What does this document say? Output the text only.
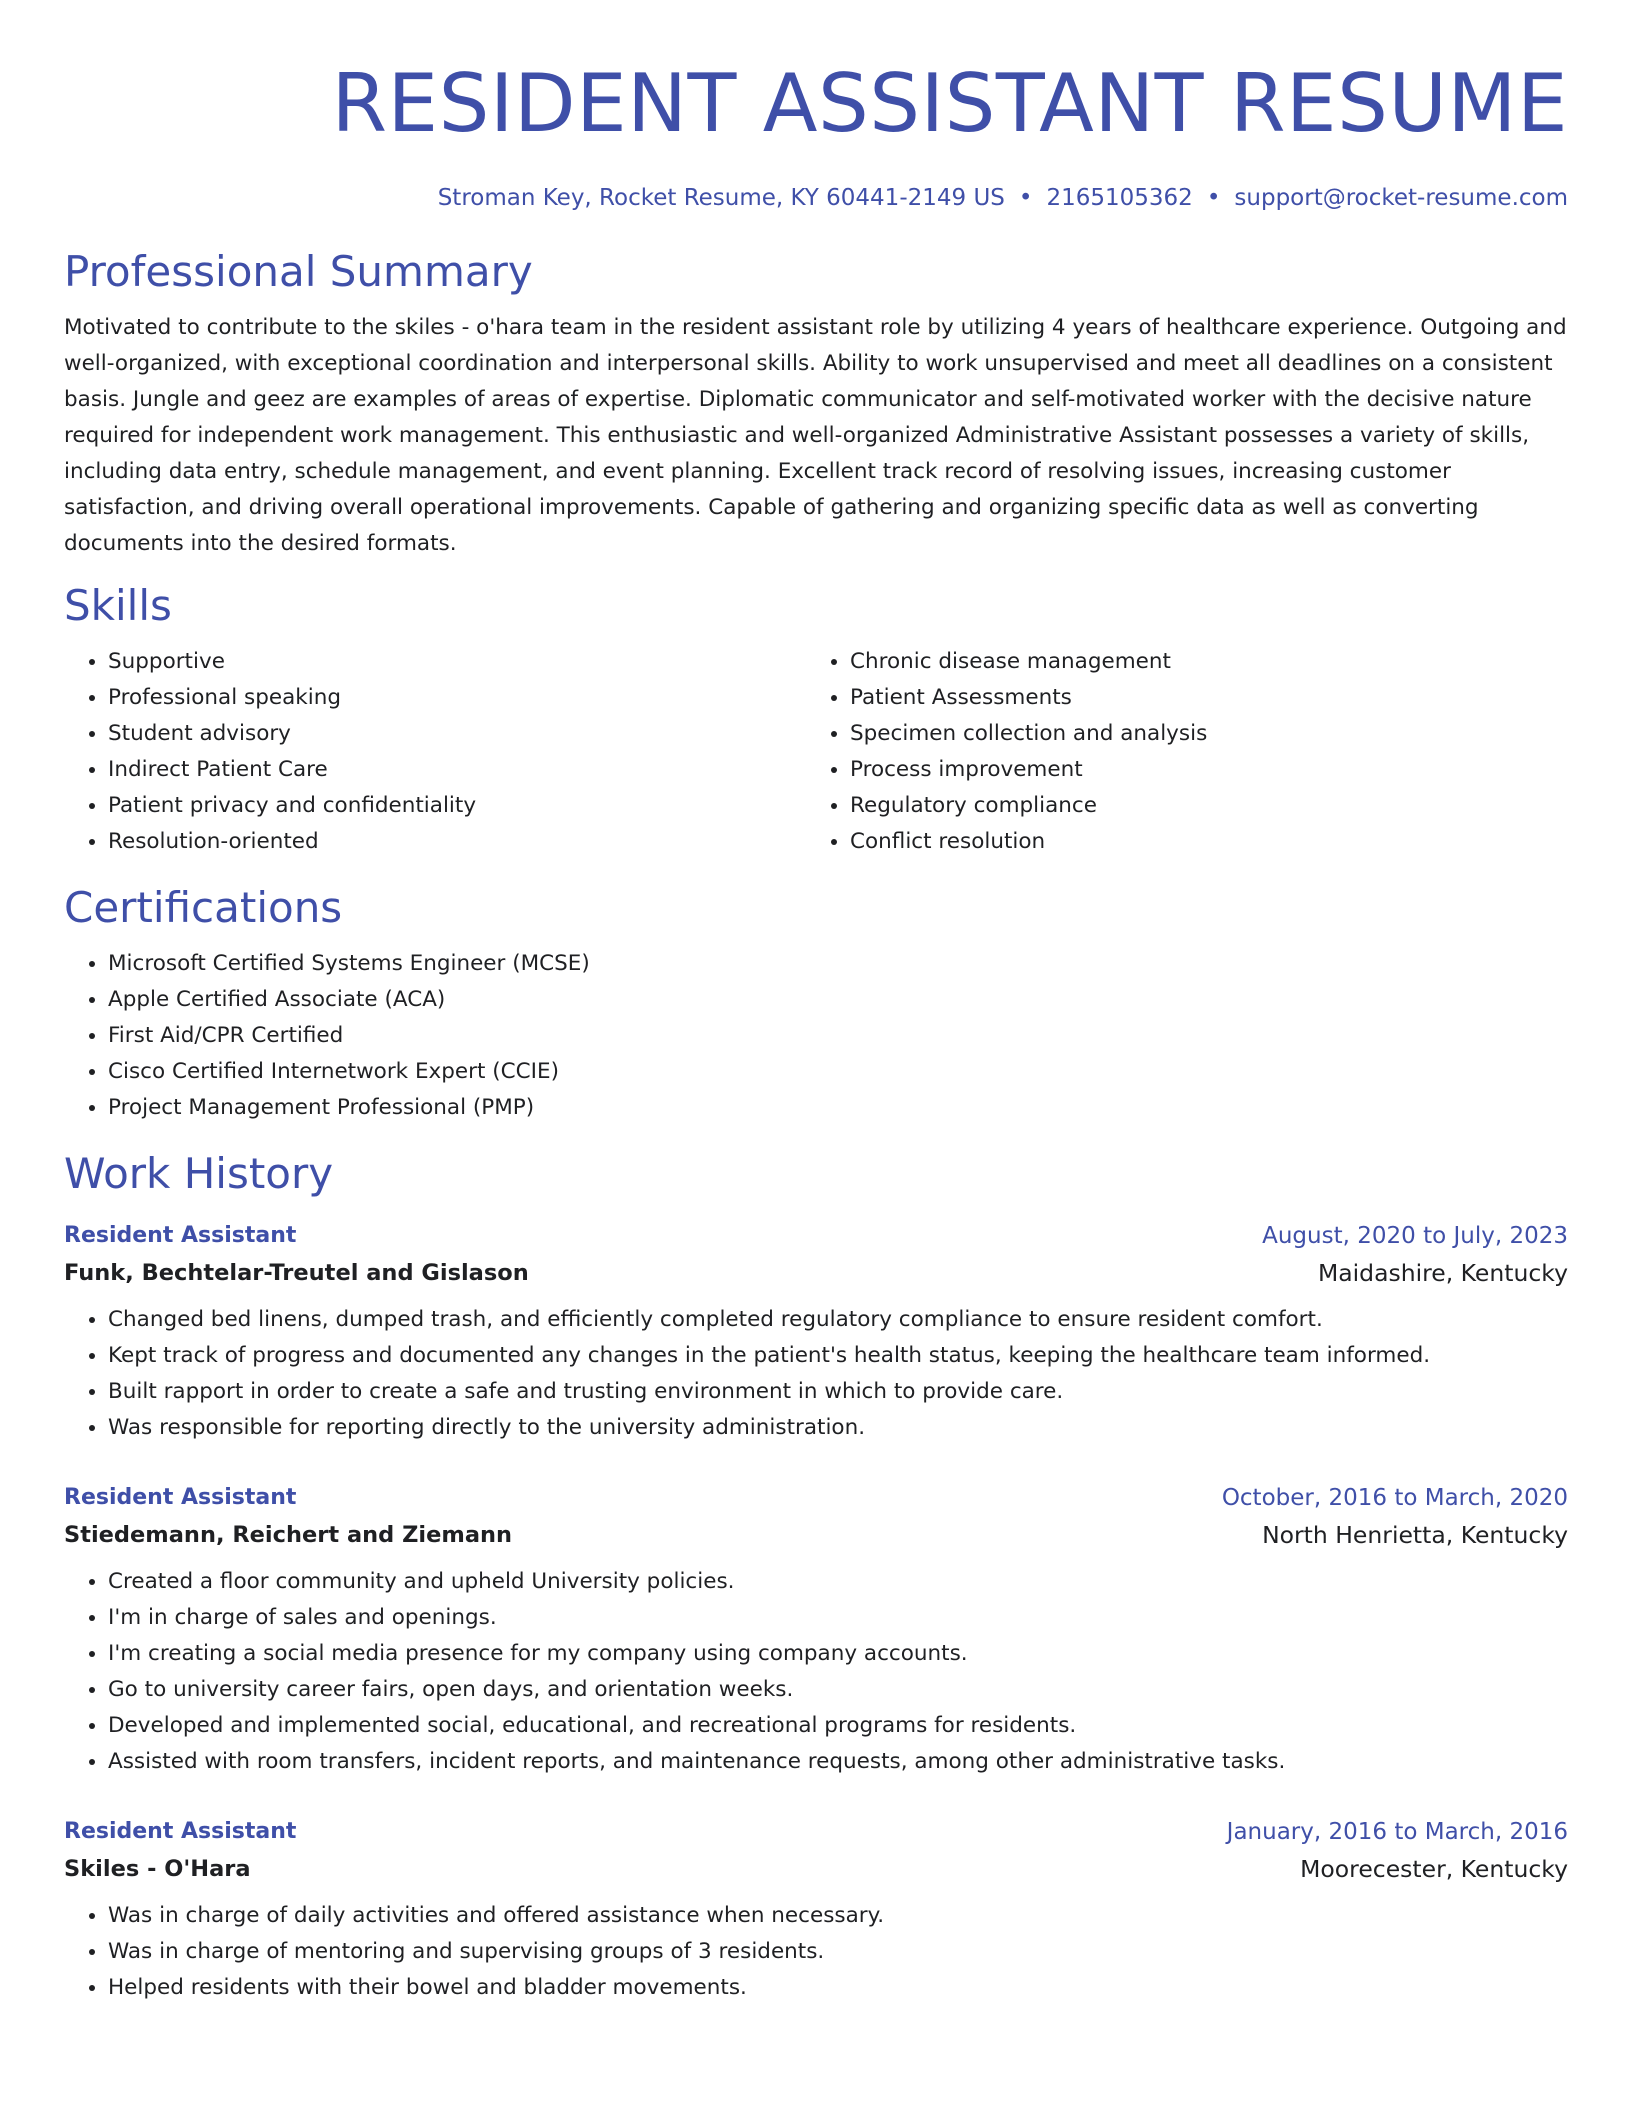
RESIDENT ASSISTANT RESUME
Stroman Key, Rocket Resume, KY 60441-2149 US • 2165105362 • support@rocket-resume.com
Professional Summary

Motivated to contribute to the skiles - o'hara team in the resident assistant role by utilizing 4 years of healthcare experience. Outgoing and well-organized, with exceptional coordination and interpersonal skills. Ability to work unsupervised and meet all deadlines on a consistent basis. Jungle and geez are examples of areas of expertise. Diplomatic communicator and self-motivated worker with the decisive nature required for independent work management. This enthusiastic and well-organized Administrative Assistant possesses a variety of skills, including data entry, schedule management, and event planning. Excellent track record of resolving issues, increasing customer satisfaction, and driving overall operational improvements. Capable of gathering and organizing specific data as well as converting documents into the desired formats.

Skills
• Supportive
• Professional speaking
• Student advisory
• Indirect Patient Care
• Patient privacy and confidentiality
• Resolution-oriented
• Chronic disease management
• Patient Assessments
• Specimen collection and analysis
• Process improvement
• Regulatory compliance
• Conflict resolution
Certifications
• Microsoft Certified Systems Engineer (MCSE)
• Apple Certified Associate (ACA)
• First Aid/CPR Certified
• Cisco Certified Internetwork Expert (CCIE)
• Project Management Professional (PMP)
Work History
Resident Assistant	August, 2020 to July, 2023
Funk, Bechtelar-Treutel and Gislason	Maidashire, Kentucky
• Changed bed linens, dumped trash, and efficiently completed regulatory compliance to ensure resident comfort.
• Kept track of progress and documented any changes in the patient's health status, keeping the healthcare team informed.
• Built rapport in order to create a safe and trusting environment in which to provide care.
• Was responsible for reporting directly to the university administration.
Resident Assistant	October, 2016 to March, 2020
Stiedemann, Reichert and Ziemann	North Henrietta, Kentucky
• Created a floor community and upheld University policies.
• I'm in charge of sales and openings.
• I'm creating a social media presence for my company using company accounts.
• Go to university career fairs, open days, and orientation weeks.
• Developed and implemented social, educational, and recreational programs for residents.
• Assisted with room transfers, incident reports, and maintenance requests, among other administrative tasks.
Resident Assistant	January, 2016 to March, 2016
Skiles - O'Hara	Moorecester, Kentucky
• Was in charge of daily activities and offered assistance when necessary.
• Was in charge of mentoring and supervising groups of 3 residents.
• Helped residents with their bowel and bladder movements.
